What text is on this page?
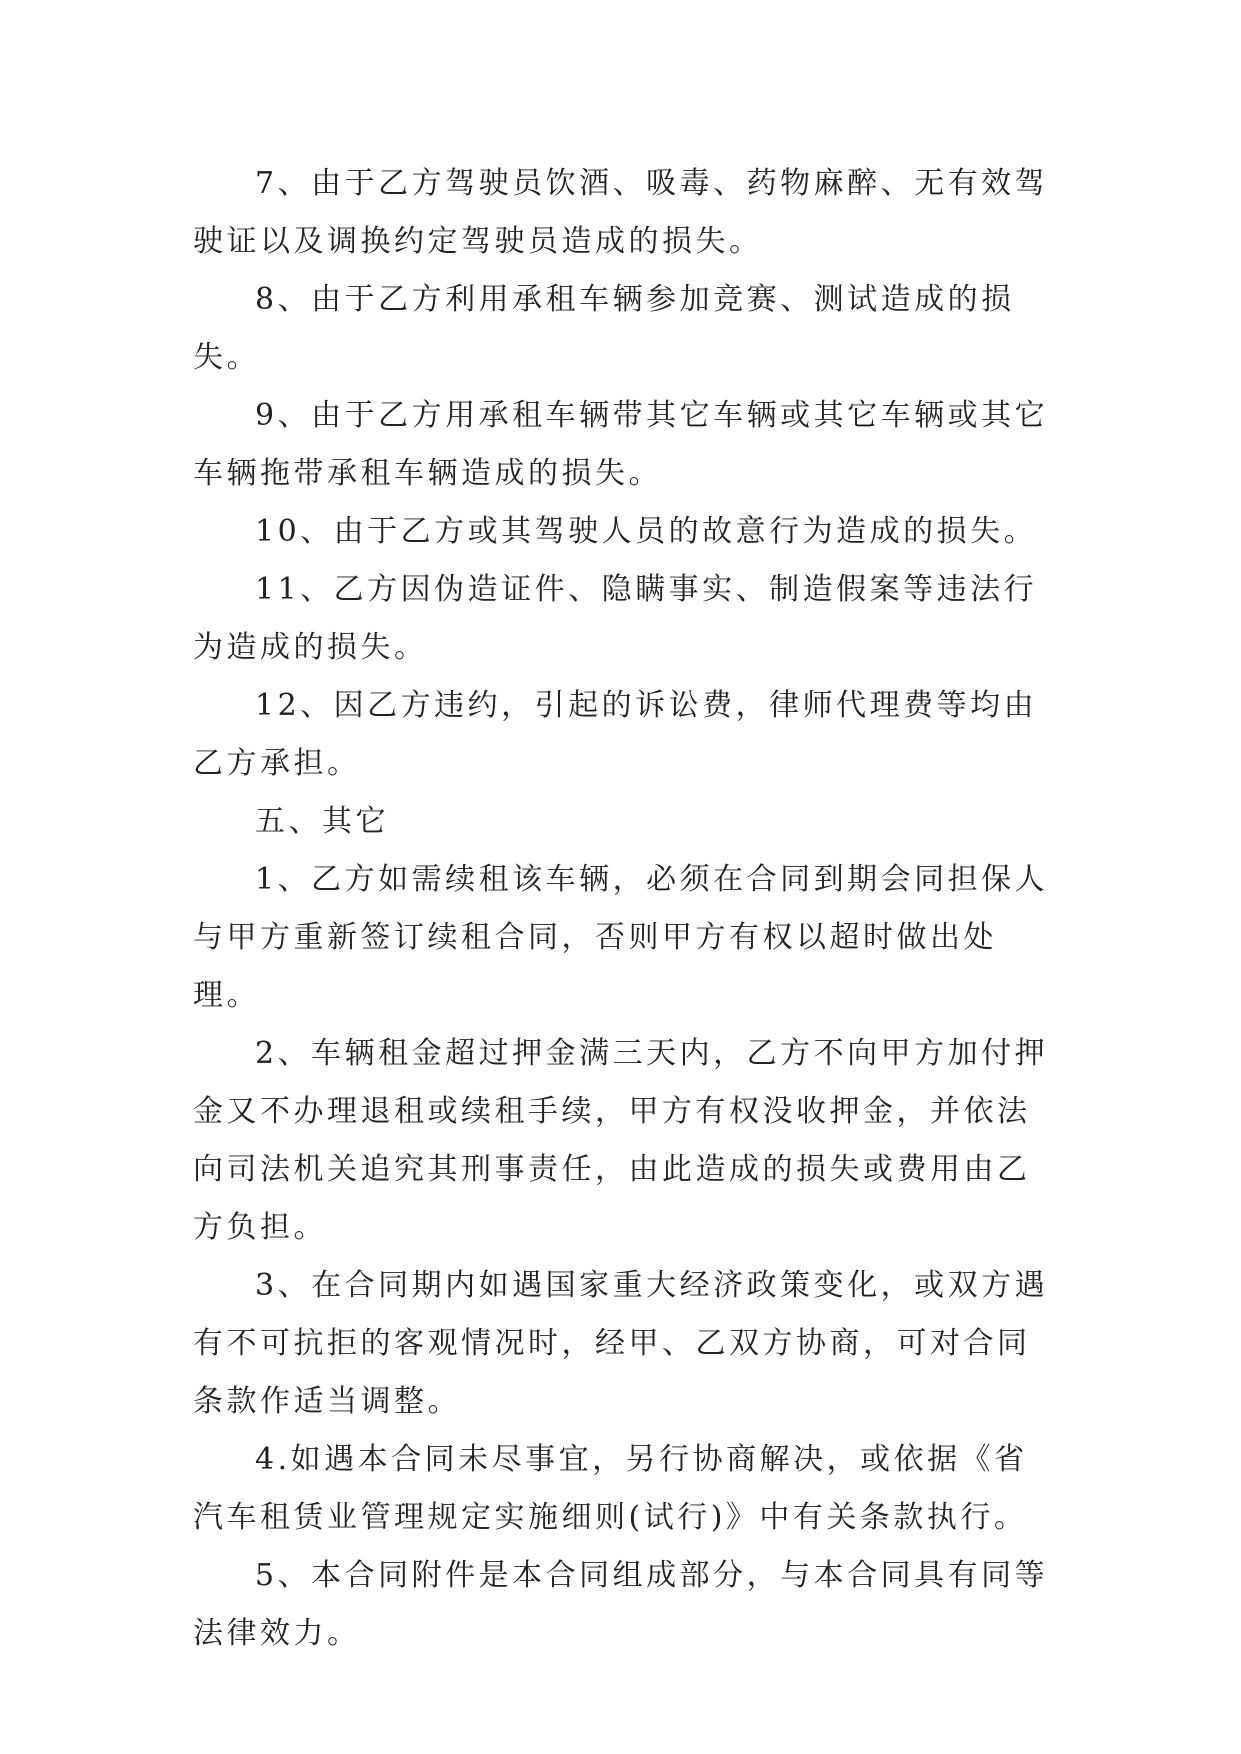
7、由于乙方驾驶员饮酒、吸毒、药物麻醉、无有效驾驶证以及调换约定驾驶员造成的损失。

8、由于乙方利用承租车辆参加竞赛、测试造成的损失。

9、由于乙方用承租车辆带其它车辆或其它车辆或其它车辆拖带承租车辆造成的损失。

10、由于乙方或其驾驶人员的故意行为造成的损失。

11、乙方因伪造证件、隐瞒事实、制造假案等违法行为造成的损失。

12、因乙方违约，引起的诉讼费，律师代理费等均由乙方承担。

五、其它

1、乙方如需续租该车辆，必须在合同到期会同担保人与甲方重新签订续租合同，否则甲方有权以超时做出处理。

2、车辆租金超过押金满三天内，乙方不向甲方加付押金又不办理退租或续租手续，甲方有权没收押金，并依法向司法机关追究其刑事责任，由此造成的损失或费用由乙方负担。

3、在合同期内如遇国家重大经济政策变化，或双方遇有不可抗拒的客观情况时，经甲、乙双方协商，可对合同条款作适当调整。

4.如遇本合同未尽事宜，另行协商解决，或依据《省汽车租赁业管理规定实施细则(试行)》中有关条款执行。

5、本合同附件是本合同组成部分，与本合同具有同等法律效力。
